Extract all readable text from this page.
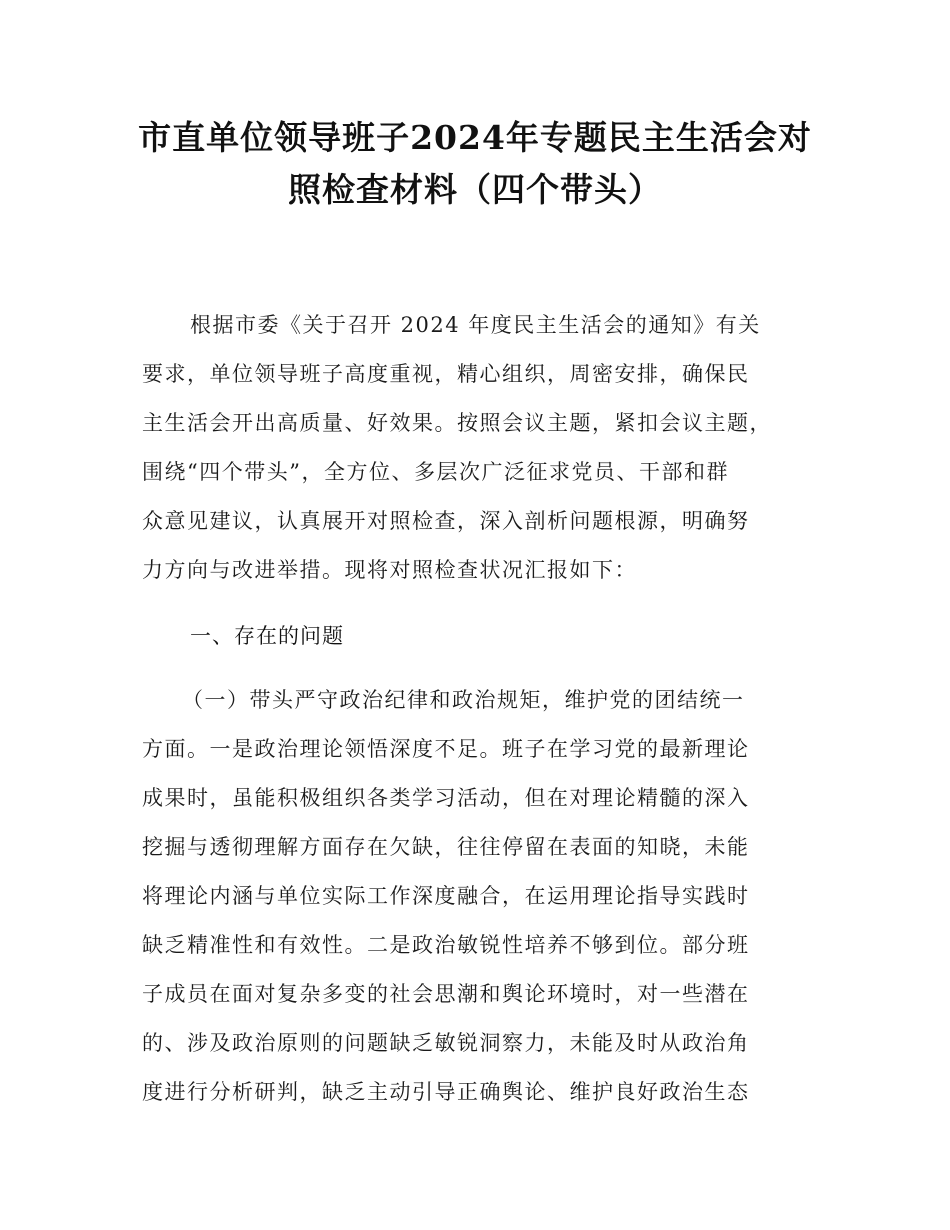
市直单位领导班子2024年专题民主生活会对
照检查材料（四个带头）
根据市委《关于召开 2024 年度民主生活会的通知》有关
要求，单位领导班子高度重视，精心组织，周密安排，确保民
主生活会开出高质量、好效果。按照会议主题，紧扣会议主题，
围绕“四个带头”，全方位、多层次广泛征求党员、干部和群
众意见建议，认真展开对照检查，深入剖析问题根源，明确努
力方向与改进举措。现将对照检查状况汇报如下：
一、存在的问题
（一）带头严守政治纪律和政治规矩，维护党的团结统一
方面。一是政治理论领悟深度不足。班子在学习党的最新理论
成果时，虽能积极组织各类学习活动，但在对理论精髓的深入
挖掘与透彻理解方面存在欠缺，往往停留在表面的知晓，未能
将理论内涵与单位实际工作深度融合，在运用理论指导实践时
缺乏精准性和有效性。二是政治敏锐性培养不够到位。部分班
子成员在面对复杂多变的社会思潮和舆论环境时，对一些潜在
的、涉及政治原则的问题缺乏敏锐洞察力，未能及时从政治角
度进行分析研判，缺乏主动引导正确舆论、维护良好政治生态
